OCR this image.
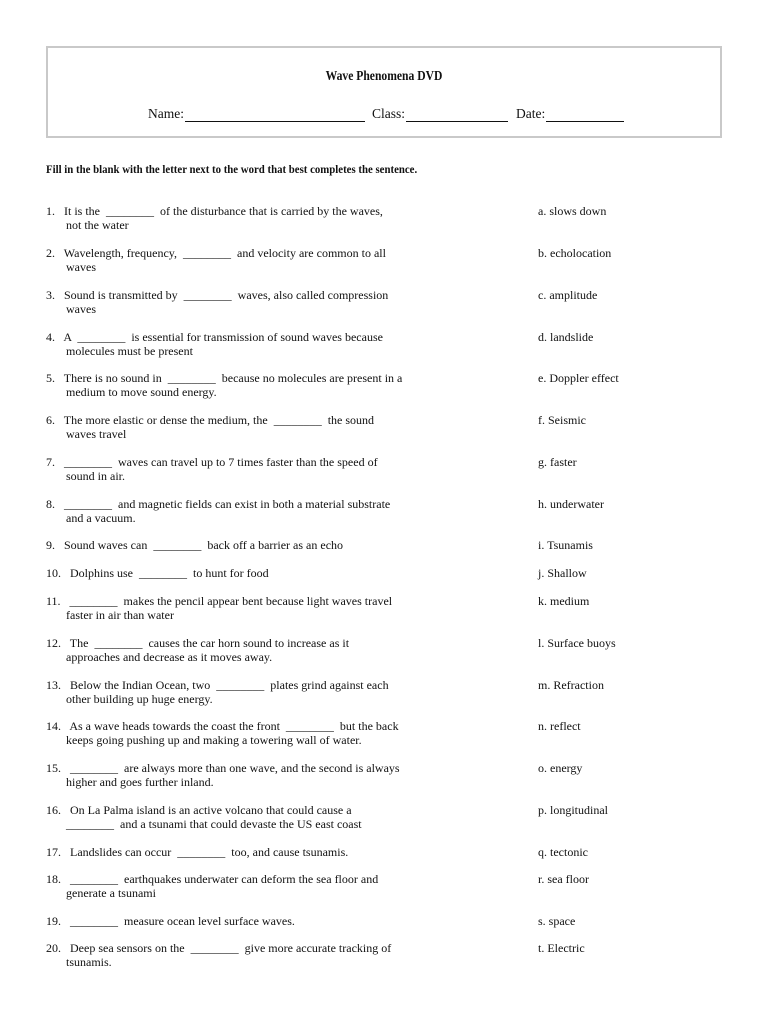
Wave Phenomena DVD
Name:	Class:	Date:
Fill in the blank with the letter next to the word that best completes the sentence.
1.   It is the  ________  of the disturbance that is carried by the waves,
not the water
2.   Wavelength, frequency,  ________  and velocity are common to all
waves
3.   Sound is transmitted by  ________  waves, also called compression
waves
4.   A  ________  is essential for transmission of sound waves because
molecules must be present
5.   There is no sound in  ________  because no molecules are present in a
medium to move sound energy.
6.   The more elastic or dense the medium, the  ________  the sound
waves travel
7.   ________  waves can travel up to 7 times faster than the speed of
sound in air.
8.   ________  and magnetic fields can exist in both a material substrate
and a vacuum.
9.   Sound waves can  ________  back off a barrier as an echo
10.   Dolphins use  ________  to hunt for food
11.   ________  makes the pencil appear bent because light waves travel
faster in air than water
12.   The  ________  causes the car horn sound to increase as it
approaches and decrease as it moves away.
13.   Below the Indian Ocean, two  ________  plates grind against each
other building up huge energy.
14.   As a wave heads towards the coast the front  ________  but the back
keeps going pushing up and making a towering wall of water.
15.   ________  are always more than one wave, and the second is always
higher and goes further inland.
16.   On La Palma island is an active volcano that could cause a
________  and a tsunami that could devaste the US east coast
17.   Landslides can occur  ________  too, and cause tsunamis.
18.   ________  earthquakes underwater can deform the sea floor and
generate a tsunami
19.   ________  measure ocean level surface waves.
20.   Deep sea sensors on the  ________  give more accurate tracking of
tsunamis.
a. slows down
b. echolocation
c. amplitude
d. landslide
e. Doppler effect
f. Seismic
g. faster
h. underwater
i. Tsunamis
j. Shallow
k. medium
l. Surface buoys
m. Refraction
n. reflect
o. energy
p. longitudinal
q. tectonic
r. sea floor
s. space
t. Electric
